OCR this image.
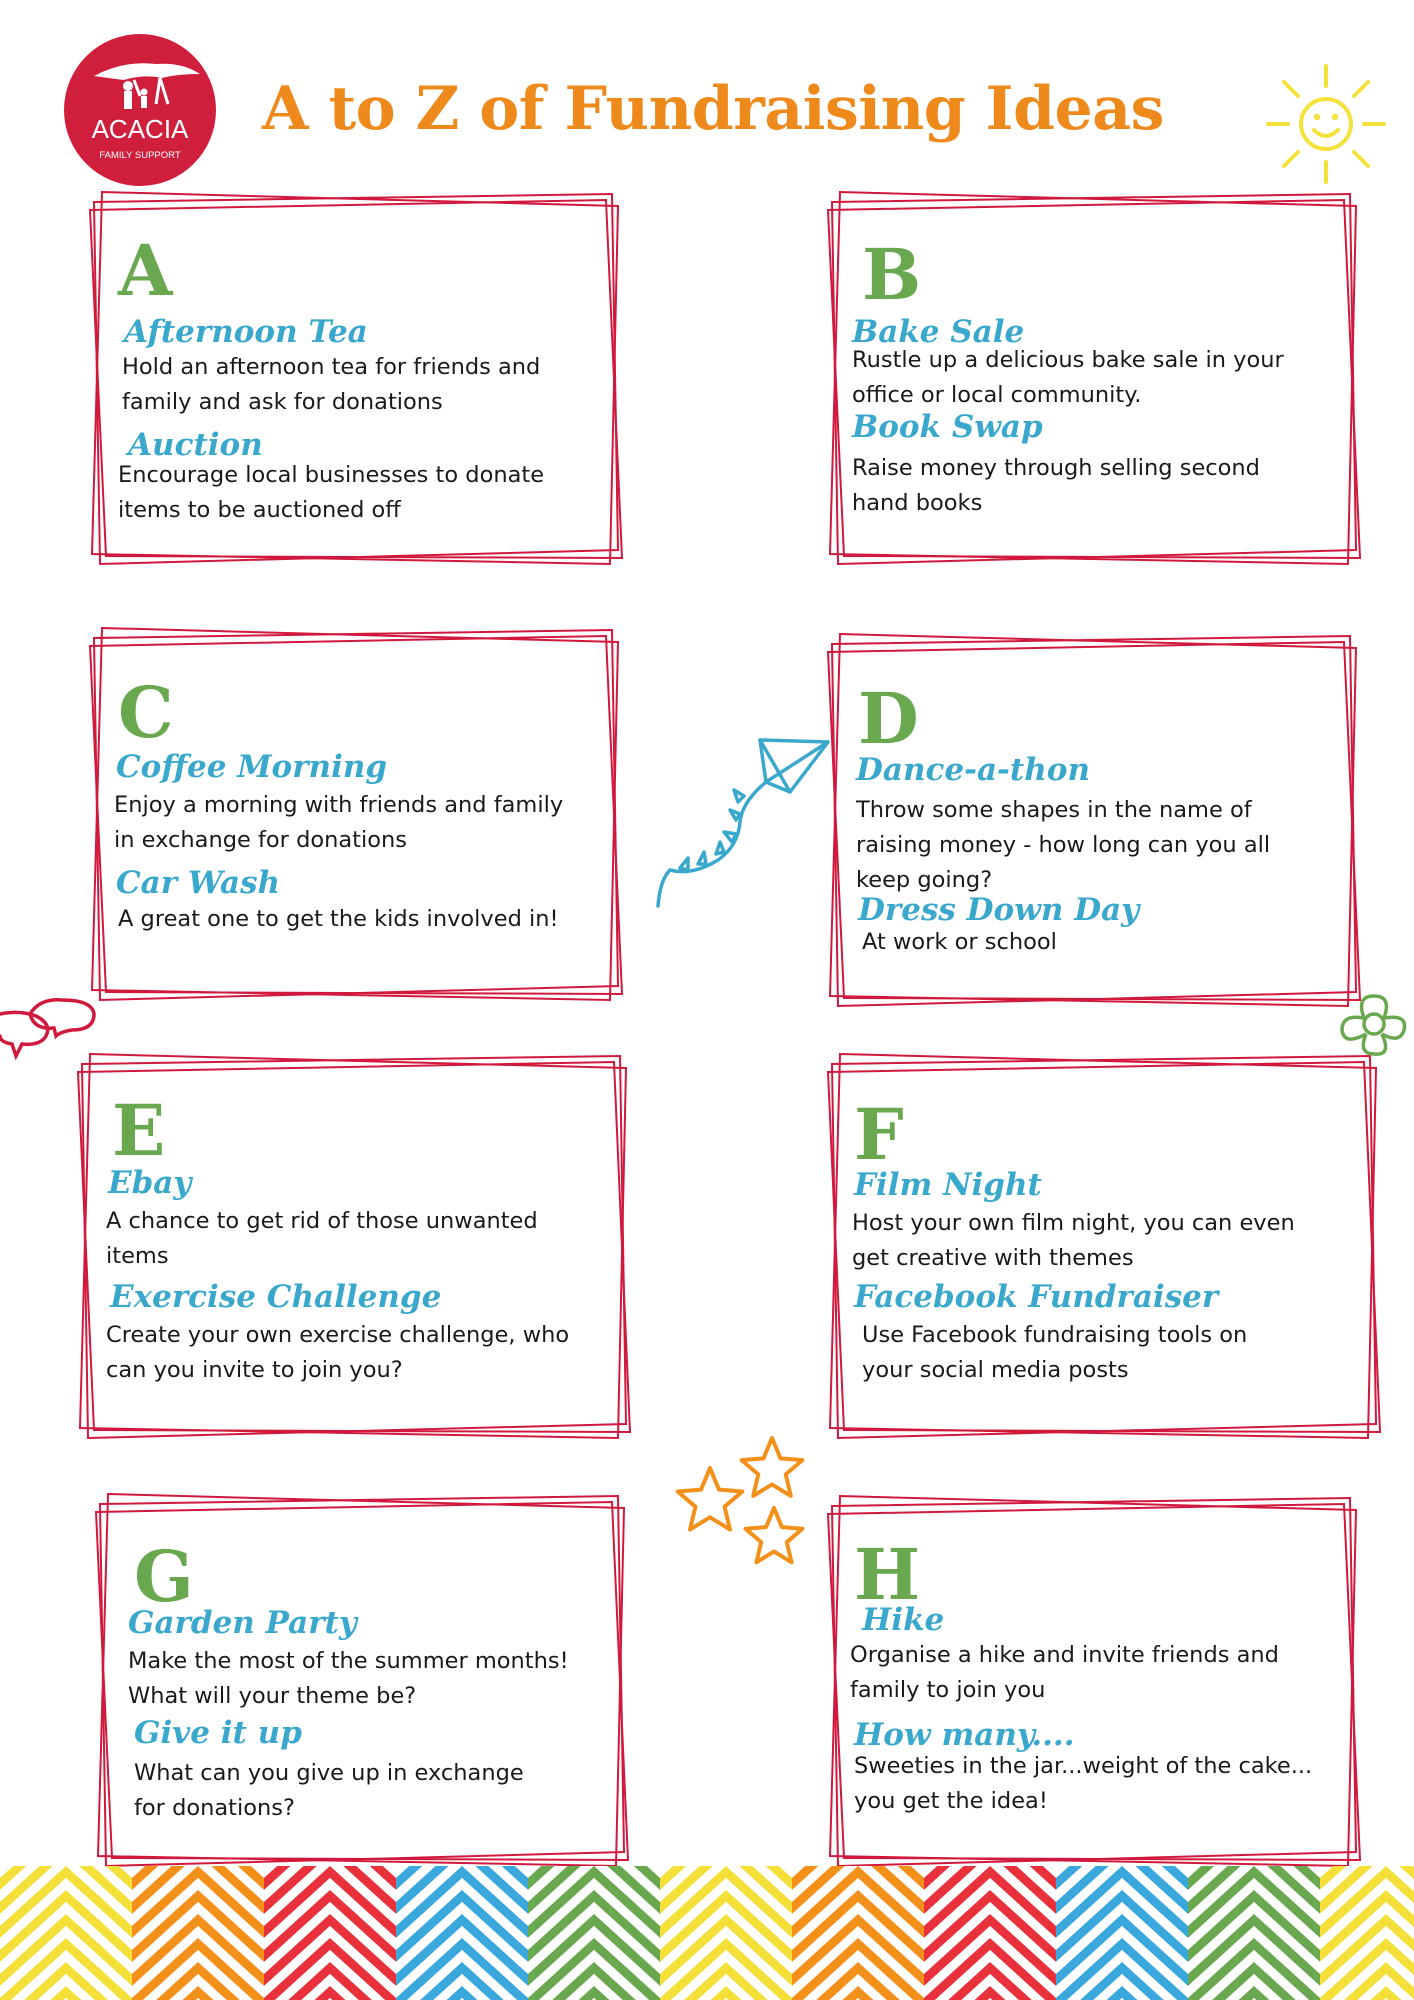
ACACIA
FAMILY SUPPORT
A to Z of Fundraising Ideas
A
Afternoon Tea
Hold an afternoon tea for friends and
family and ask for donations
Auction
Encourage local businesses to donate
items to be auctioned off
B
Bake Sale
Rustle up a delicious bake sale in your
office or local community.
Book Swap
Raise money through selling second
hand books
C
Coffee Morning
Enjoy a morning with friends and family
in exchange for donations
Car Wash
A great one to get the kids involved in!
D
Dance-a-thon
Throw some shapes in the name of
raising money - how long can you all
keep going?
Dress Down Day
At work or school
E
Ebay
A chance to get rid of those unwanted
items
Exercise Challenge
Create your own exercise challenge, who
can you invite to join you?
F
Film Night
Host your own film night, you can even
get creative with themes
Facebook Fundraiser
Use Facebook fundraising tools on
your social media posts
G
Garden Party
Make the most of the summer months!
What will your theme be?
Give it up
What can you give up in exchange
for donations?
H
Hike
Organise a hike and invite friends and
family to join you
How many....
Sweeties in the jar...weight of the cake...
you get the idea!
